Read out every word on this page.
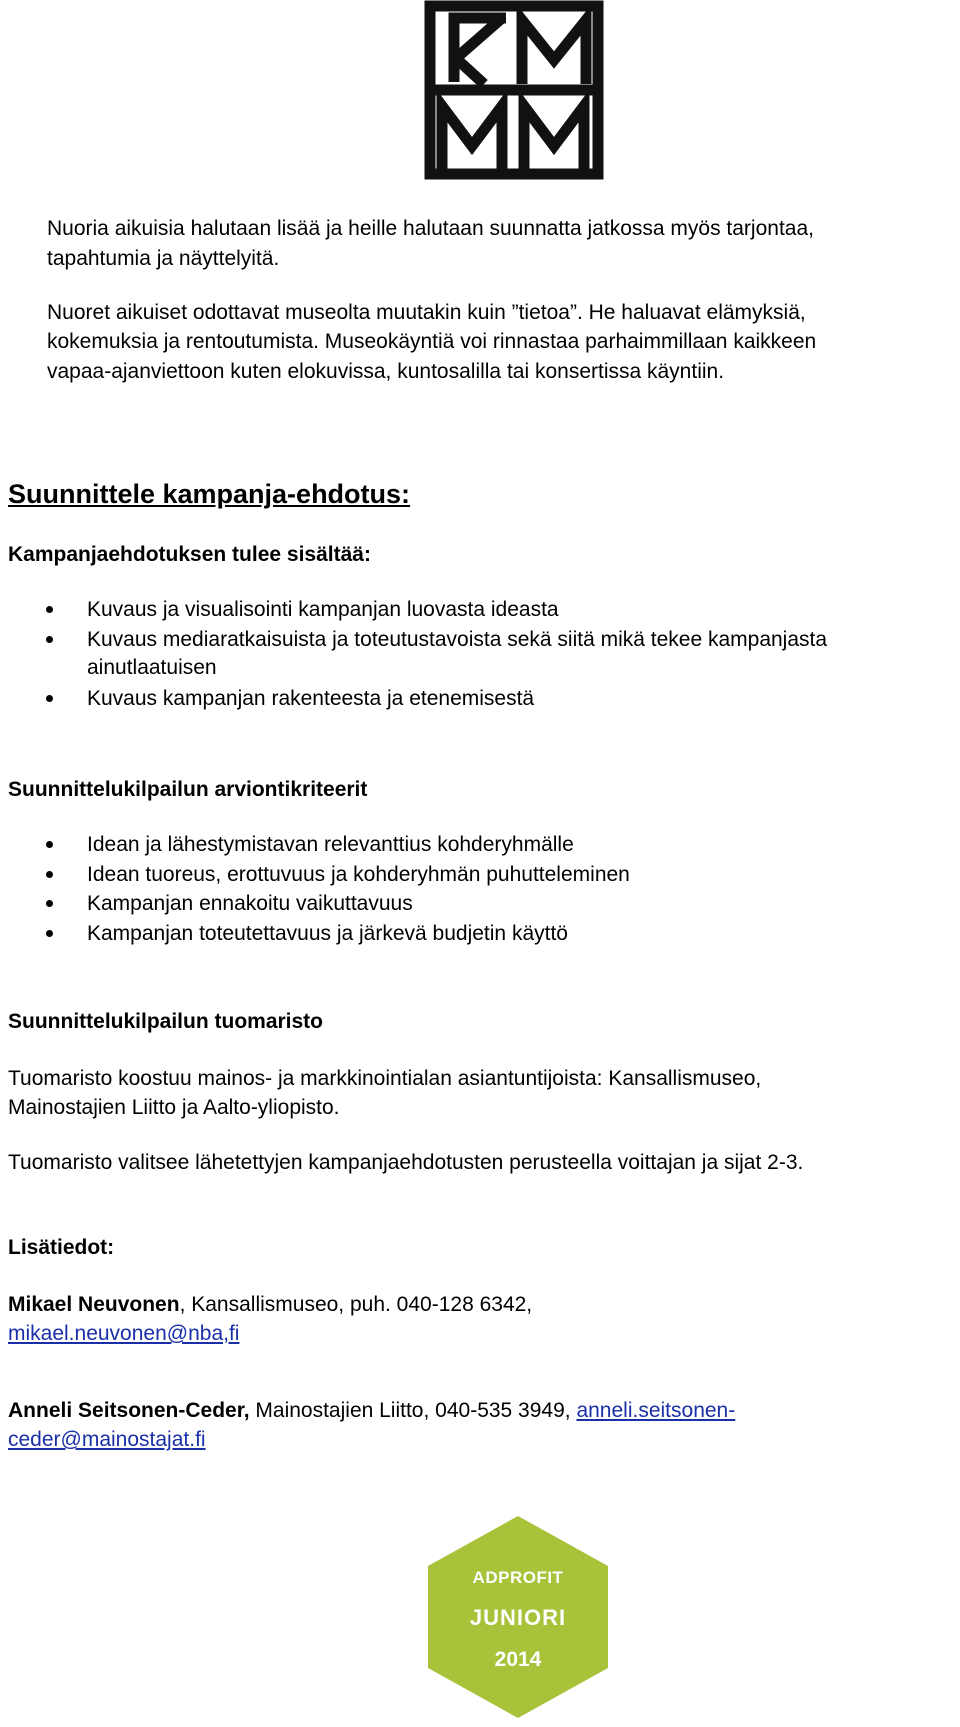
Nuoria aikuisia halutaan lisää ja heille halutaan suunnatta jatkossa myös tarjontaa,
tapahtumia ja näyttelyitä.
Nuoret aikuiset odottavat museolta muutakin kuin ”tietoa”. He haluavat elämyksiä,
kokemuksia ja rentoutumista. Museokäyntiä voi rinnastaa parhaimmillaan kaikkeen
vapaa-ajanviettoon kuten elokuvissa, kuntosalilla tai konsertissa käyntiin.
Suunnittele kampanja-ehdotus:
Kampanjaehdotuksen tulee sisältää:
Kuvaus ja visualisointi kampanjan luovasta ideasta
Kuvaus mediaratkaisuista ja toteutustavoista sekä siitä mikä tekee kampanjasta
ainutlaatuisen
Kuvaus kampanjan rakenteesta ja etenemisestä
Suunnittelukilpailun arviontikriteerit
Idean ja lähestymistavan relevanttius kohderyhmälle
Idean tuoreus, erottuvuus ja kohderyhmän puhutteleminen
Kampanjan ennakoitu vaikuttavuus
Kampanjan toteutettavuus ja järkevä budjetin käyttö
Suunnittelukilpailun tuomaristo
Tuomaristo koostuu mainos- ja markkinointialan asiantuntijoista: Kansallismuseo,
Mainostajien Liitto ja Aalto-yliopisto.
Tuomaristo valitsee lähetettyjen kampanjaehdotusten perusteella voittajan ja sijat 2-3.
Lisätiedot:
Mikael Neuvonen, Kansallismuseo, puh. 040-128 6342,
mikael.neuvonen@nba,fi
Anneli Seitsonen-Ceder, Mainostajien Liitto, 040-535 3949, anneli.seitsonen-
ceder@mainostajat.fi
ADPROFIT
JUNIORI
2014
